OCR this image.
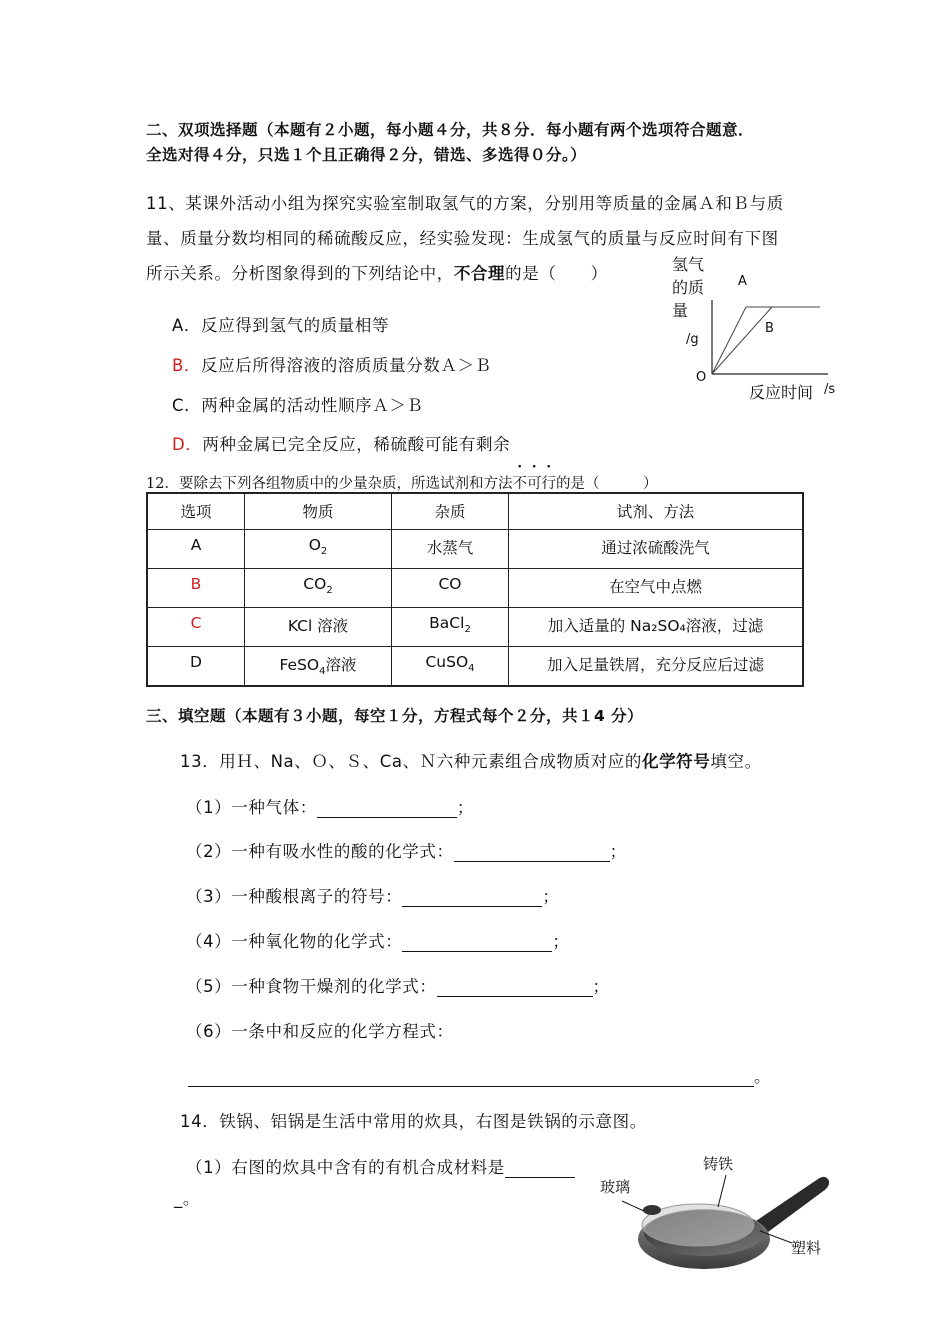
二、双项选择题（本题有２小题，每小题４分，共８分．每小题有两个选项符合题意．
全选对得４分，只选１个且正确得２分，错选、多选得０分。）
11、某课外活动小组为探究实验室制取氢气的方案，分别用等质量的金属Ａ和Ｂ与质
量、质量分数均相同的稀硫酸反应，经实验发现：生成氢气的质量与反应时间有下图
所示关系。分析图象得到的下列结论中，不合理的是（　　）
A．反应得到氢气的质量相等
B．反应后所得溶液的溶质质量分数Ａ＞Ｂ
C．两种金属的活动性顺序Ａ＞Ｂ
D．两种金属已完全反应，稀硫酸可能有剩余
氢气
的质
量
/g
O
反应时间 /s
A
B
12．要除去下列各组物质中的少量杂质，所选试剂和方法不可行的是（　　　）
选项	物质	杂质	试剂、方法
A	$O_2$	水蒸气	通过浓硫酸洗气
B	$CO_2$	CO	在空气中点燃
C	KCl 溶液	BaCl$_2$	加入适量的 Na₂SO₄溶液，过滤
D	FeSO$_4$溶液	CuSO$_4$	加入足量铁屑，充分反应后过滤
三、填空题（本题有３小题，每空１分，方程式每个２分，共１4 分）
13．用Ｈ、Na、Ｏ、Ｓ、Ca、Ｎ六种元素组合成物质对应的化学符号填空。
（1）一种气体：	；
（2）一种有吸水性的酸的化学式：	；
（3）一种酸根离子的符号：	；
（4）一种氧化物的化学式：	；
（5）一种食物干燥剂的化学式：	；
（6）一条中和反应的化学方程式：
。
14．铁锅、铝锅是生活中常用的炊具，右图是铁锅的示意图。
（1）右图的炊具中含有的有机合成材料是
_。
铸铁
玻璃
塑料
